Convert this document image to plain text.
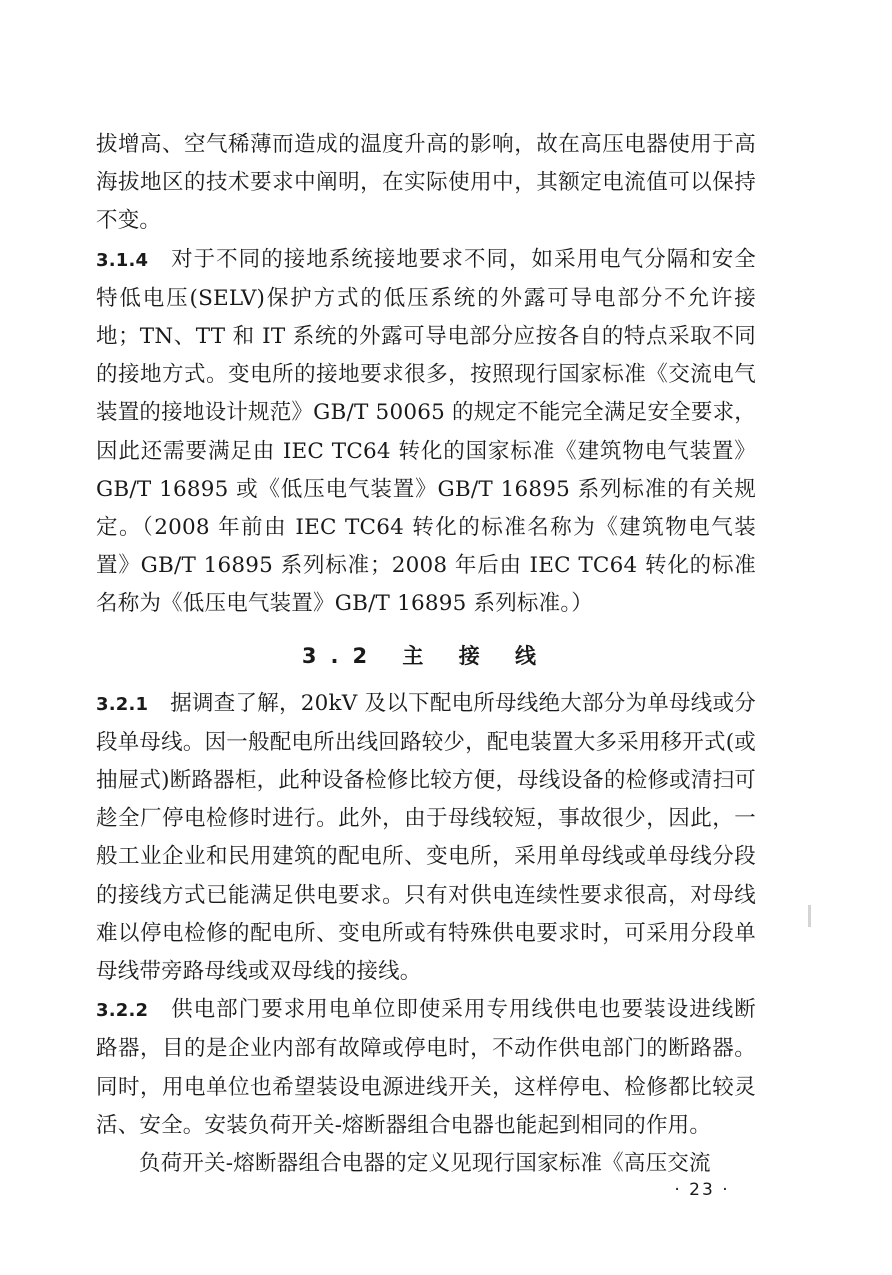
拔增高、空气稀薄而造成的温度升高的影响，故在高压电器使用于高海拔地区的技术要求中阐明，在实际使用中，其额定电流值可以保持不变。

3.1.4 对于不同的接地系统接地要求不同，如采用电气分隔和安全特低电压(SELV)保护方式的低压系统的外露可导电部分不允许接地；TN、TT 和 IT 系统的外露可导电部分应按各自的特点采取不同的接地方式。变电所的接地要求很多，按照现行国家标准《交流电气装置的接地设计规范》GB/T 50065 的规定不能完全满足安全要求，因此还需要满足由 IEC TC64 转化的国家标准《建筑物电气装置》GB/T 16895 或《低压电气装置》GB/T 16895 系列标准的有关规定。（2008 年前由 IEC TC64 转化的标准名称为《建筑物电气装置》GB/T 16895 系列标准；2008 年后由 IEC TC64 转化的标准名称为《低压电气装置》GB/T 16895 系列标准。）

3.2 主 接 线

3.2.1 据调查了解，20kV 及以下配电所母线绝大部分为单母线或分段单母线。因一般配电所出线回路较少，配电装置大多采用移开式(或抽屉式)断路器柜，此种设备检修比较方便，母线设备的检修或清扫可趁全厂停电检修时进行。此外，由于母线较短，事故很少，因此，一般工业企业和民用建筑的配电所、变电所，采用单母线或单母线分段的接线方式已能满足供电要求。只有对供电连续性要求很高，对母线难以停电检修的配电所、变电所或有特殊供电要求时，可采用分段单母线带旁路母线或双母线的接线。

3.2.2 供电部门要求用电单位即使采用专用线供电也要装设进线断路器，目的是企业内部有故障或停电时，不动作供电部门的断路器。同时，用电单位也希望装设电源进线开关，这样停电、检修都比较灵活、安全。安装负荷开关-熔断器组合电器也能起到相同的作用。

负荷开关-熔断器组合电器的定义见现行国家标准《高压交流

· 23 ·
